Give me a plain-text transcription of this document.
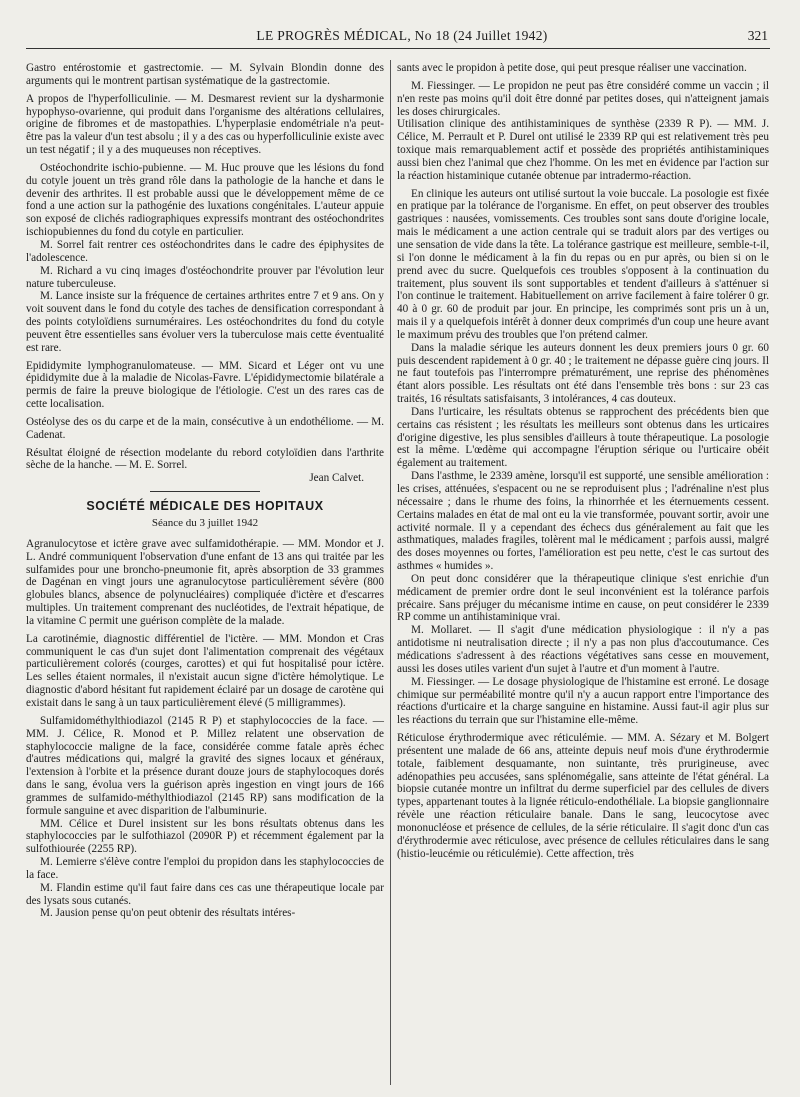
LE PROGRÈS MÉDICAL, No 18 (24 Juillet 1942)	321

Gastro entérostomie et gastrectomie. — M. Sylvain Blondin donne des arguments qui le montrent partisan systématique de la gastrectomie.

A propos de l'hyperfolliculinie. — M. Desmarest revient sur la dysharmonie hypophyso-ovarienne, qui produit dans l'organisme des altérations cellulaires, origine de fibromes et de mastopathies. L'hyperplasie endométriale n'a peut-être pas la valeur d'un test absolu ; il y a des cas ou hyperfolliculinie existe avec un test négatif ; il y a des muqueuses non réceptives.

Ostéochondrite ischio-pubienne. — M. Huc prouve que les lésions du fond du cotyle jouent un très grand rôle dans la pathologie de la hanche et dans le devenir des arthrites. Il est probable aussi que le développement même de ce fond a une action sur la pathogénie des luxations congénitales. L'auteur appuie son exposé de clichés radiographiques expressifs montrant des ostéochondrites ischiopubiennes du fond du cotyle en particulier.

M. Sorrel fait rentrer ces ostéochondrites dans le cadre des épiphysites de l'adolescence.

M. Richard a vu cinq images d'ostéochondrite prouver par l'évolution leur nature tuberculeuse.

M. Lance insiste sur la fréquence de certaines arthrites entre 7 et 9 ans. On y voit souvent dans le fond du cotyle des taches de densification correspondant à des points cotyloïdiens surnuméraires. Les ostéochondrites du fond du cotyle peuvent être essentielles sans évoluer vers la tuberculose mais cette éventualité est rare.

Epididymite lymphogranulomateuse. — MM. Sicard et Léger ont vu une épididymite due à la maladie de Nicolas-Favre. L'épididymectomie bilatérale a permis de faire la preuve biologique de l'étiologie. C'est un des rares cas de cette localisation.

Ostéolyse des os du carpe et de la main, consécutive à un endothéliome. — M. Cadenat.

Résultat éloigné de résection modelante du rebord cotyloïdien dans l'arthrite sèche de la hanche. — M. E. Sorrel.

Jean Calvet.
SOCIÉTÉ MÉDICALE DES HOPITAUX
Séance du 3 juillet 1942

Agranulocytose et ictère grave avec sulfamidothérapie. — MM. Mondor et J. L. André communiquent l'observation d'une enfant de 13 ans qui traitée par les sulfamides pour une broncho-pneumonie fit, après absorption de 33 grammes de Dagénan en vingt jours une agranulocytose particulièrement sévère (800 globules blancs, absence de polynucléaires) compliquée d'ictère et d'escarres multiples. Un traitement comprenant des nucléotides, de l'extrait hépatique, de la vitamine C permit une guérison complète de la malade.

La carotinémie, diagnostic différentiel de l'ictère. — MM. Mondon et Cras communiquent le cas d'un sujet dont l'alimentation comprenait des végétaux particulièrement colorés (courges, carottes) et qui fut hospitalisé pour ictère. Les selles étaient normales, il n'existait aucun signe d'ictère hémolytique. Le diagnostic d'abord hésitant fut rapidement éclairé par un dosage de carotène qui existait dans le sang à un taux particulièrement élevé (5 milligrammes).

Sulfamidométhylthiodiazol (2145 R P) et staphylococcies de la face. — MM. J. Célice, R. Monod et P. Millez relatent une observation de staphylococcie maligne de la face, considérée comme fatale après échec d'autres médications qui, malgré la gravité des signes locaux et généraux, l'extension à l'orbite et la présence durant douze jours de staphylocoques dorés dans le sang, évolua vers la guérison après ingestion en vingt jours de 166 grammes de sulfamido-méthylthiodiazol (2145 RP) sans modification de la formule sanguine et avec disparition de l'albuminurie.

MM. Célice et Durel insistent sur les bons résultats obtenus dans les staphylococcies par le sulfothiazol (2090R P) et récemment également par la sulfothiourée (2255 RP).

M. Lemierre s'élève contre l'emploi du propidon dans les staphylococcies de la face.

M. Flandin estime qu'il faut faire dans ces cas une thérapeutique locale par des lysats sous cutanés.

M. Jausion pense qu'on peut obtenir des résultats intéres-

sants avec le propidon à petite dose, qui peut presque réaliser une vaccination.

M. Fiessinger. — Le propidon ne peut pas être considéré comme un vaccin ; il n'en reste pas moins qu'il doit être donné par petites doses, qui n'atteignent jamais les doses chirurgicales.

Utilisation clinique des antihistaminiques de synthèse (2339 R P). — MM. J. Célice, M. Perrault et P. Durel ont utilisé le 2339 RP qui est relativement très peu toxique mais remarquablement actif et possède des propriétés antihistaminiques aussi bien chez l'animal que chez l'homme. On les met en évidence par l'action sur la réaction histaminique cutanée obtenue par intradermo-réaction.

En clinique les auteurs ont utilisé surtout la voie buccale. La posologie est fixée en pratique par la tolérance de l'organisme. En effet, on peut observer des troubles gastriques : nausées, vomissements. Ces troubles sont sans doute d'origine locale, mais le médicament a une action centrale qui se traduit alors par des vertiges ou une sensation de vide dans la tête. La tolérance gastrique est meilleure, semble-t-il, si l'on donne le médicament à la fin du repas ou en pur après, ou bien si on le prend avec du sucre. Quelquefois ces troubles s'opposent à la continuation du traitement, plus souvent ils sont supportables et tendent d'ailleurs à s'atténuer si l'on continue le traitement. Habituellement on arrive facilement à faire tolérer 0 gr. 40 à 0 gr. 60 de produit par jour. En principe, les comprimés sont pris un à un, mais il y a quelquefois intérêt à donner deux comprimés d'un coup une heure avant le maximum prévu des troubles que l'on prétend calmer.

Dans la maladie sérique les auteurs donnent les deux premiers jours 0 gr. 60 puis descendent rapidement à 0 gr. 40 ; le traitement ne dépasse guère cinq jours. Il ne faut toutefois pas l'interrompre prématurément, une reprise des phénomènes étant alors possible. Les résultats ont été dans l'ensemble très bons : sur 23 cas traités, 16 résultats satisfaisants, 3 intolérances, 4 cas douteux.

Dans l'urticaire, les résultats obtenus se rapprochent des précédents bien que certains cas résistent ; les résultats les meilleurs sont obtenus dans les urticaires d'origine digestive, les plus sensibles d'ailleurs à toute thérapeutique. La posologie est la même. L'œdème qui accompagne l'éruption sérique ou l'urticaire obéit également au traitement.

Dans l'asthme, le 2339 amène, lorsqu'il est supporté, une sensible amélioration : les crises, atténuées, s'espacent ou ne se reproduisent plus ; l'adrénaline n'est plus nécessaire ; dans le rhume des foins, la rhinorrhée et les éternuements cessent. Certains malades en état de mal ont eu la vie transformée, pouvant sortir, avoir une activité normale. Il y a cependant des échecs dus généralement au fait que les asthmatiques, malades fragiles, tolèrent mal le médicament ; parfois aussi, malgré des doses moyennes ou fortes, l'amélioration est peu nette, c'est le cas surtout des asthmes « humides ».

On peut donc considérer que la thérapeutique clinique s'est enrichie d'un médicament de premier ordre dont le seul inconvénient est la tolérance parfois précaire. Sans préjuger du mécanisme intime en cause, on peut considérer le 2339 RP comme un antihistaminique vrai.

M. Mollaret. — Il s'agit d'une médication physiologique : il n'y a pas antidotisme ni neutralisation directe ; il n'y a pas non plus d'accoutumance. Ces médications s'adressent à des réactions végétatives sans cesse en mouvement, aussi les doses utiles varient d'un sujet à l'autre et d'un moment à l'autre.

M. Fiessinger. — Le dosage physiologique de l'histamine est erroné. Le dosage chimique sur perméabilité montre qu'il n'y a aucun rapport entre l'importance des réactions d'urticaire et la charge sanguine en histamine. Aussi faut-il agir plus sur les réactions du terrain que sur l'histamine elle-même.

Réticulose érythrodermique avec réticulémie. — MM. A. Sézary et M. Bolgert présentent une malade de 66 ans, atteinte depuis neuf mois d'une érythrodermie totale, faiblement desquamante, non suintante, très prurigineuse, avec adénopathies peu accusées, sans splénomégalie, sans atteinte de l'état général. La biopsie cutanée montre un infiltrat du derme superficiel par des cellules de divers types, appartenant toutes à la lignée réticulo-endothéliale. La biopsie ganglionnaire révèle une réaction réticulaire banale. Dans le sang, leucocytose avec mononucléose et présence de cellules, de la série réticulaire. Il s'agit donc d'un cas d'érythrodermie avec réticulose, avec présence de cellules réticulaires dans le sang (histio-leucémie ou réticulémie). Cette affection, très
